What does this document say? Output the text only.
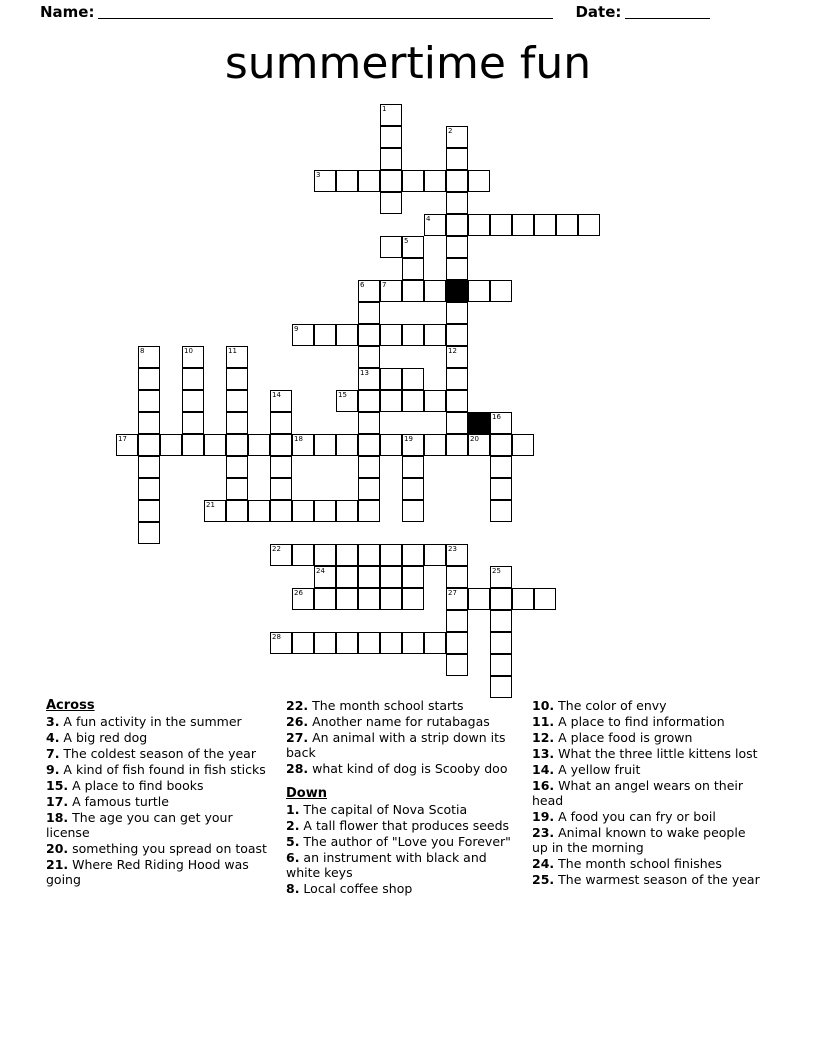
Name:	Date:
summertime fun
1
2
3
4
5
6	7
9
8	10	11	12
13
14	15
16
17	18	19	20
21
22	23
24	25
26	27
28
Across
3. A fun activity in the summer
4. A big red dog
7. The coldest season of the year
9. A kind of fish found in fish sticks
15. A place to find books
17. A famous turtle
18. The age you can get your license
20. something you spread on toast
21. Where Red Riding Hood was going
22. The month school starts
26. Another name for rutabagas
27. An animal with a strip down its back
28. what kind of dog is Scooby doo
Down
1. The capital of Nova Scotia
2. A tall flower that produces seeds
5. The author of "Love you Forever"
6. an instrument with black and white keys
8. Local coffee shop
10. The color of envy
11. A place to find information
12. A place food is grown
13. What the three little kittens lost
14. A yellow fruit
16. What an angel wears on their head
19. A food you can fry or boil
23. Animal known to wake people up in the morning
24. The month school finishes
25. The warmest season of the year
